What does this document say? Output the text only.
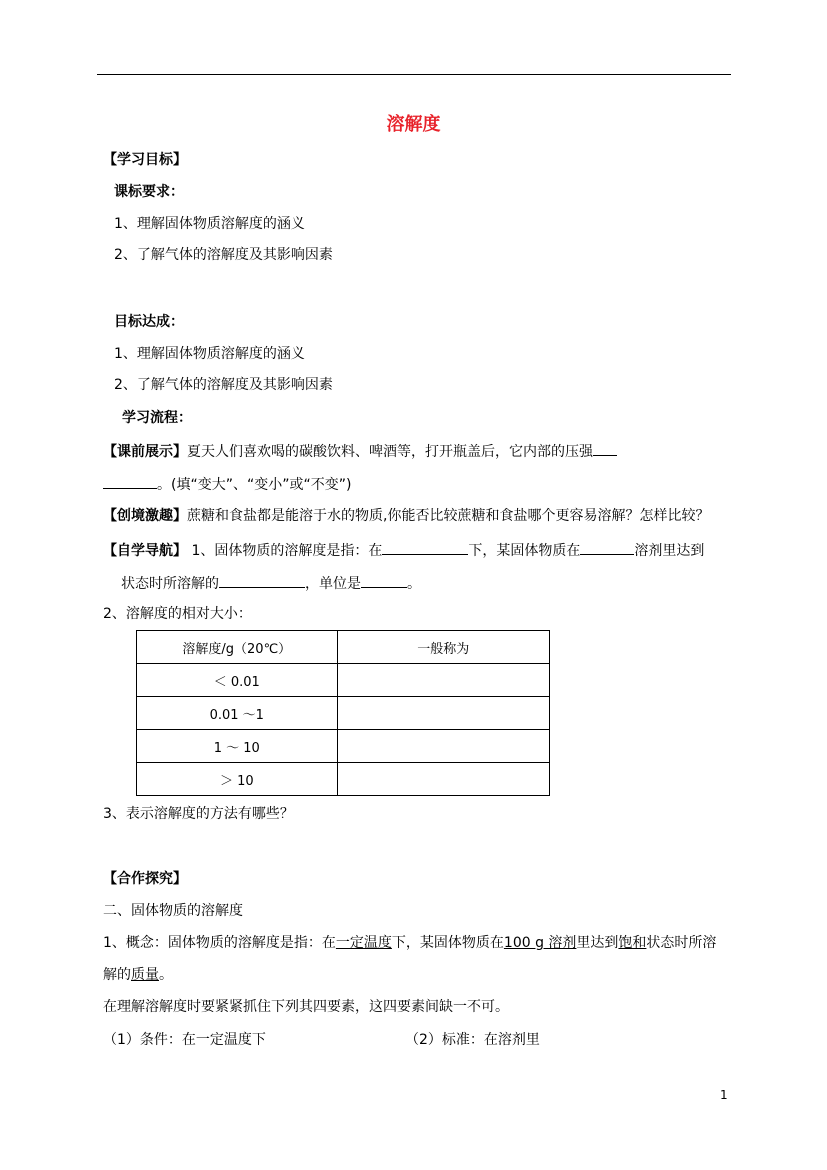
溶解度
【学习目标】
课标要求：
1、理解固体物质溶解度的涵义
2、了解气体的溶解度及其影响因素
目标达成：
1、理解固体物质溶解度的涵义
2、了解气体的溶解度及其影响因素
学习流程：
【课前展示】夏天人们喜欢喝的碳酸饮料、啤酒等，打开瓶盖后，它内部的压强
。(填“变大”、“变小”或“不变”)
【创境激趣】蔗糖和食盐都是能溶于水的物质,你能否比较蔗糖和食盐哪个更容易溶解？怎样比较？
【自学导航】 1、固体物质的溶解度是指：在	下，某固体物质在	溶剂里达到
状态时所溶解的	，单位是	。
2、溶解度的相对大小：
溶解度/g（20℃）	一般称为
＜ 0.01	
0.01 ～1	
1 ～ 10	
＞ 10	
3、表示溶解度的方法有哪些？
【合作探究】
二、固体物质的溶解度
1、概念：固体物质的溶解度是指：在一定温度下，某固体物质在100 g 溶剂里达到饱和状态时所溶
解的质量。
在理解溶解度时要紧紧抓住下列其四要素，这四要素间缺一不可。
（1）条件：在一定温度下	（2）标准：在溶剂里
1
